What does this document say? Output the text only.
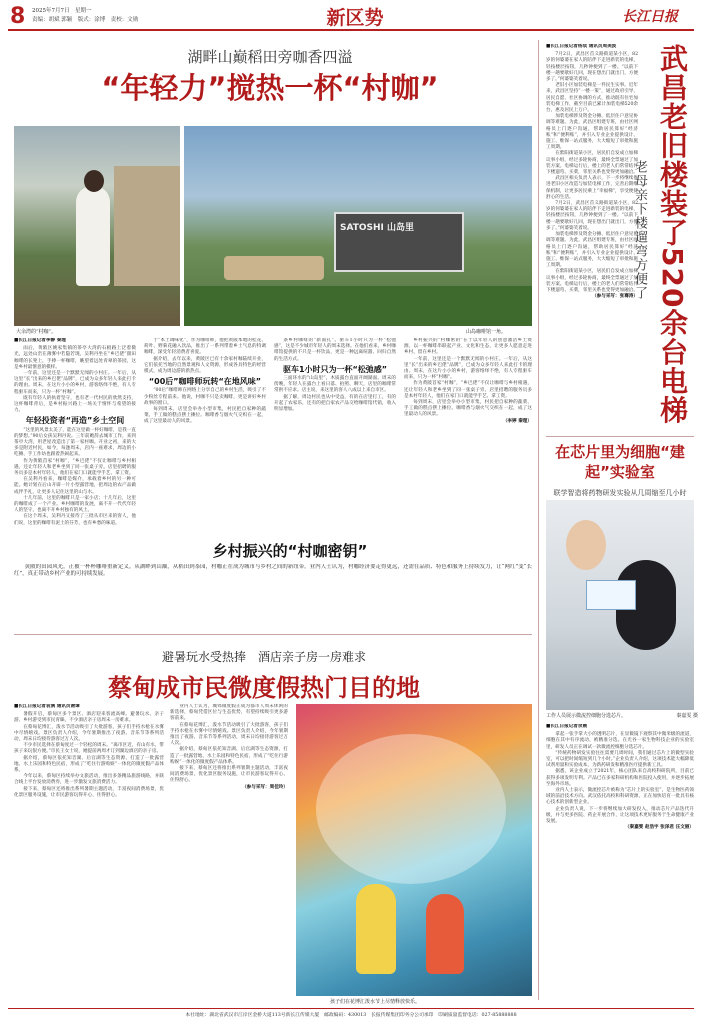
8 2025年7月7日　星期一
责编：胡斌 郭颖　版式：涂博　责校：文勋	新区势	长江日报
湖畔山巅稻田旁咖香四溢
“年轻力”搅热一杯“村咖”
大余湾的“村咖”。
SATOSHI 山岛里
山岛咖啡馆一角。
■长江日报记者李静 秦理

雨后，黄陂区姚家集镇的茶亭大湾的石板路上泛着微光，远处山峦在薄雾中若隐若现。吴利丹坐在“乡巴佬”甜田咖啡的长凳上，手捧一杯咖啡，眺望着远处青翠的茶园，这是乡村最惬意的模样。

一年前，这里还是一个默默无闻的小村庄。一年后，从这里“长”出来的乡巴佬“品牌”，已成为众多年轻人来此打卡的理由。周末，在这片小小的乡村，游客络绎不绝，有人专程驱车而来，只为一杯“村咖”。

既有年轻人的执着坚守，也有老一代村民的欣然支持，这杯咖啡背后，是乡村振兴路上一场关于情怀与希望的接力。

年轻投资者“再造”乡土空间

“这里的风景太美了，能在这里做一杯好咖啡，是我一直的梦想。”90后女孩吴利丹说。三年前她辞去城市工作，来到茶亭大湾，用老屋改造出了第一家村咖。开业之初，来的大多是附近村民，如今，每逢周末，店内一座难求，周边的小吃摊、手工作坊也跟着热闹起来。

作为黄陂首家“村咖”，“乡巴佬”不仅让咖啡与乡村相遇，还让年轻人和老乡坐到了同一张桌子旁。店里招聘的服务员多是本村年轻人，他们在家门口就能学手艺、拿工资。

在吴利丹看来，咖啡是媒介，承载着乡村的另一种可能。她计划在后山开辟一片小型露营地，把周边的农产品做成伴手礼，让更多人记住这里的山与水。

十几年前，这里的咖啡只是一家小店；十几年后，这里的咖啡成了一个产业。乡村咖啡的发展，离不开一代代年轻人的坚守，也离不开乡村独有的风土。

在这个周末，吴利丹又接待了三批从市区来的客人，他们说，这里的咖啡有泥土的芬芳，也有乡愁的味道。

于“本土调味化”，作为咖啡师，他把黄陂本地的桂花、荷叶、野菊花融入饮品，推出了一系列带着乡土气息的特调咖啡，深受年轻消费者喜爱。

据介绍，去年以来，黄陂区已有十余家村咖陆续开业，它们依托当地的自然景观和人文资源，形成各具特色的经营模式，成为周边游的新热点。

“00后”咖啡师玩转“在地风味”

“00后”咖啡师在网络上分享自己的乡村生活，吸引了不少粉丝专程前来。他说，村咖不只是卖咖啡，更是讲好乡村故事的窗口。

每到周末，店里会举办小型市集，村民把自家种的蔬菜、手工做的糕点摆上摊位。咖啡香与烟火气交织在一起，成了这里最动人的风景。

条乡村咖啡的“新面孔”。驱车1小时只为一杯“松弛感”，这是不少城市年轻人的周末选择。在他们看来，乡村咖啡馆提供的不只是一杯饮品，更是一种远离喧嚣、回归自然的生活方式。

驱车1小时只为一杯“松弛感”

三面环水的“山岛里”，木质露台直面开阔湖面。周末的傍晚，年轻人在露台上看日落、拍照、聊天，店里的咖啡常常供不应求。店主说，来这里的客人八成以上来自市区。

据了解，周边村民也从中受益，有的在店里打工，有的开起了农家乐，还有的把自家农产品交给咖啡馆代销，收入明显增加。

乡村振兴的“村咖密钥”在于以年轻人的创意激活乡土资源，以一杯咖啡串联起产业、文化和生态，让更多人愿意走进乡村、留在乡村。

一年前，这里还是一个默默无闻的小村庄。一年后，从这里“长”出来的乡巴佬“品牌”，已成为众多年轻人来此打卡的理由。周末，在这片小小的乡村，游客络绎不绝，有人专程驱车而来，只为一杯“村咖”。

作为黄陂首家“村咖”，“乡巴佬”不仅让咖啡与乡村相遇，还让年轻人和老乡坐到了同一张桌子旁。店里招聘的服务员多是本村年轻人，他们在家门口就能学手艺、拿工资。

每到周末，店里会举办小型市集，村民把自家种的蔬菜、手工做的糕点摆上摊位。咖啡香与烟火气交织在一起，成了这里最动人的风景。

（李婷 秦理）
乡村振兴的“村咖密钥”
黄陂的田园风光，正被一杯杯咖啡重新定义。从湖畔到山巅，从稻田到茶园，村咖正在成为城市与乡村之间的新纽带。业内人士认为，村咖经济要走得更远，还需在品质、特色和服务上持续发力，让“网红”变“长红”，真正带动乡村产业的可持续发展。
避暑玩水受热捧　酒店亲子房一房难求
蔡甸成市民微度假热门目的地
■长江日报记者袁满 通讯员谢谭

暑假开启，蔡甸区多个景区、酒店迎来客流高峰。避暑玩水、亲子游、乡村游受到市民青睐，不少酒店亲子房周末一房难求。

在蔡甸花博汇，泼水节活动吸引了大批游客，孩子们手持水枪在水雾中尽情嬉戏。景区负责人介绍，今年暑期推出了夜游、音乐节等系列活动，周末日均接待游客过万人次。

不少市民选择在蔡甸度过一个轻松的周末。“离市区近，有山有水，带孩子来玩很方便。”市民王女士说，她提前两周才订到湖边酒店的亲子房。

据介绍，蔡甸区依托知音湖、后官湖等生态资源，打造了一批露营地、水上乐园和特色民宿，形成了“吃住行游购娱”一体化的微度假产品体系。

今年以来，蔡甸区持续举办文旅活动，推出多条精品旅游线路，并联合线上平台发放消费券，进一步激发文旅消费活力。

接下来，蔡甸区还将推出系列暑期主题活动，丰富夜间消费场景，优化景区服务设施，让市民游客玩得开心、住得舒心。

业内人士认为，城郊微度假正成为都市人周末休闲的新选择，蔡甸凭借区位与生态优势，有望持续吸引更多游客前来。

在蔡甸花博汇，泼水节活动吸引了大批游客，孩子们手持水枪在水雾中尽情嬉戏。景区负责人介绍，今年暑期推出了夜游、音乐节等系列活动，周末日均接待游客过万人次。

据介绍，蔡甸区依托知音湖、后官湖等生态资源，打造了一批露营地、水上乐园和特色民宿，形成了“吃住行游购娱”一体化的微度假产品体系。

接下来，蔡甸区还将推出系列暑期主题活动，丰富夜间消费场景，优化景区服务设施，让市民游客玩得开心、住得舒心。

（参与采写：周佳玲）
孩子们在花博汇泼水节上尽情释放快乐。
■长江日报记者杨琰 通讯员周美波

7月2日，武昌区首义路街道某小区，82岁的何婆婆在家人的陪伴下走进新装的电梯，轻按楼层按钮，几秒钟便到了一楼。“以前下楼一趟要歇好几回，现在想出门就出门，方便多了。”何婆婆笑着说。

老旧小区加装电梯是一件民生实事。近年来，武昌区坚持“一楼一策”，通过政府引导、居民自愿、社区协调的方式，推动既有住宅加装电梯工作，截至目前已累计加装电梯520余台，惠及居民上万户。

加装电梯涉及资金分摊、低层住户意见协调等难题。为此，武昌区组建专班，由社区网格员上门逐户沟通，帮助居民算好“经济账”和“便利账”，并引入专业企业提供设计、施工、维保一站式服务，大大缩短了审批和施工周期。

在紫阳街道某小区，居民们自发成立加梯议事小组，经过多轮协商，最终全票通过了加装方案。电梯运行后，楼上的老人们常常结伴下楼遛弯、买菜，邻里关系也变得更加融洽。

武昌区相关负责人表示，下一步将继续推进老旧小区改造与加装电梯工作，完善后期维保机制，让更多居民乘上“幸福梯”，享受便捷舒心的生活。

7月2日，武昌区首义路街道某小区，82岁的何婆婆在家人的陪伴下走进新装的电梯，轻按楼层按钮，几秒钟便到了一楼。“以前下楼一趟要歇好几回，现在想出门就出门，方便多了。”何婆婆笑着说。

加装电梯涉及资金分摊、低层住户意见协调等难题。为此，武昌区组建专班，由社区网格员上门逐户沟通，帮助居民算好“经济账”和“便利账”，并引入专业企业提供设计、施工、维保一站式服务，大大缩短了审批和施工周期。

在紫阳街道某小区，居民们自发成立加梯议事小组，经过多轮协商，最终全票通过了加装方案。电梯运行后，楼上的老人们常常结伴下楼遛弯、买菜，邻里关系也变得更加融洽。

（参与采写：张骞涛） 武昌老旧楼装了520余台电梯
老母亲下楼遛弯方便了
在芯片里为细胞“建起”实验室
联学智造将药物研发实验从几周缩至几小时
工作人员展示微流控细胞分选芯片。	秦嘉雯 摄
■长江日报记者余晨

拿起一张手掌大小的透明芯片，在显微镜下观察其中微米级的流道，细胞在其中有序流动、被精准分选。在光谷一家生物科技企业的实验室里，研发人员正在调试一款微流控细胞分选芯片。

“传统药物研发实验往往需要几周时间，我们通过芯片上的微型实验室，可以把时间缩短到几个小时。”企业负责人介绍，这项技术能大幅降低试剂用量和实验成本，为新药研发和精准医疗提供新工具。

据悉，该企业成立于2021年，核心团队来自高校科研院所，目前已获得多项发明专利。产品已在多家科研机构和医院投入使用，并逐步拓展至海外市场。

业内人士表示，微流控芯片被称为“芯片上的实验室”，是生物医药领域的前沿技术方向。武汉依托高校和科研资源，正在加快培育一批具有核心技术的创新型企业。

企业负责人说，下一步将继续加大研发投入，推动芯片产品迭代升级，并与更多医院、药企开展合作，让这项技术更好服务于生命健康产业发展。

（秦嘉雯 赵浩宇 张泽君 汪文丽）
本社地址：湖北省武汉市江岸区金桥大道113号新长江传媒大厦　邮政编码：430013　长报传媒集团印务分公司承印　印刷质量监督电话：027-85888888
